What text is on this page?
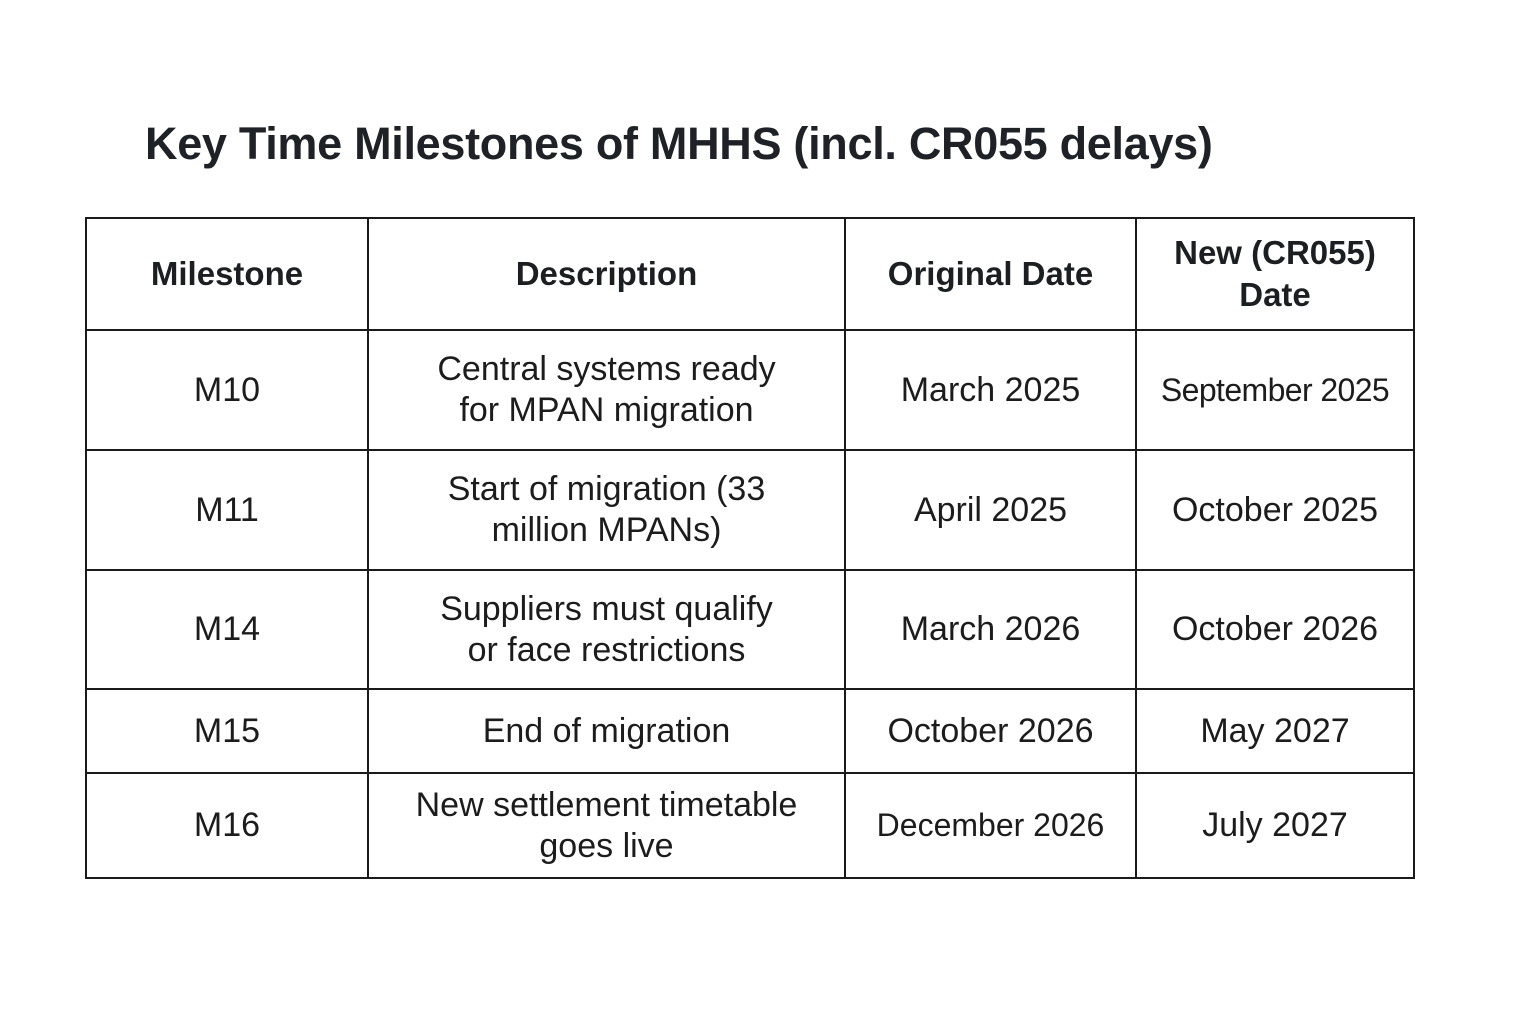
Key Time Milestones of MHHS (incl. CR055 delays)
Milestone	Description	Original Date	New (CR055) Date
M10	Central systems ready for MPAN migration	March 2025	September 2025
M11	Start of migration (33 million MPANs)	April 2025	October 2025
M14	Suppliers must qualify or face restrictions	March 2026	October 2026
M15	End of migration	October 2026	May 2027
M16	New settlement timetable goes live	December 2026	July 2027
